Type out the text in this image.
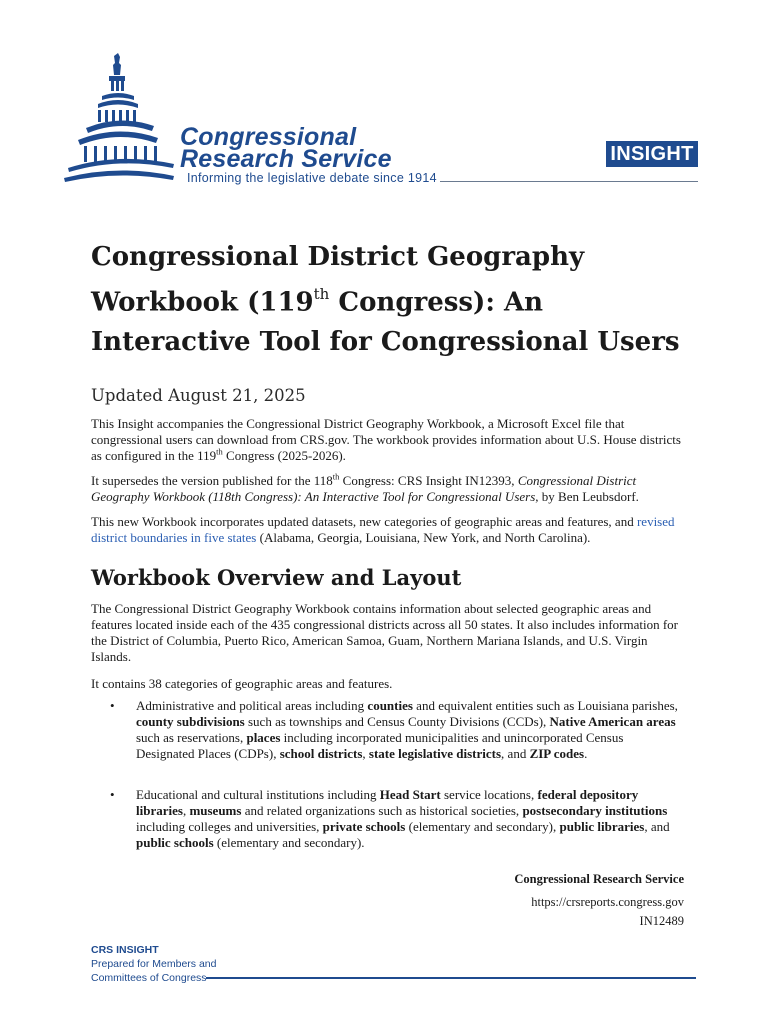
Congressional
Research Service
Informing the legislative debate since 1914
INSIGHT
Congressional District Geography Workbook (119th Congress): An Interactive Tool for Congressional Users
Updated August 21, 2025

This Insight accompanies the Congressional District Geography Workbook, a Microsoft Excel file that congressional users can download from CRS.gov. The workbook provides information about U.S. House districts as configured in the 119th Congress (2025-2026).

It supersedes the version published for the 118th Congress: CRS Insight IN12393, Congressional District Geography Workbook (118th Congress): An Interactive Tool for Congressional Users, by Ben Leubsdorf.

This new Workbook incorporates updated datasets, new categories of geographic areas and features, and revised district boundaries in five states (Alabama, Georgia, Louisiana, New York, and North Carolina).

Workbook Overview and Layout

The Congressional District Geography Workbook contains information about selected geographic areas and features located inside each of the 435 congressional districts across all 50 states. It also includes information for the District of Columbia, Puerto Rico, American Samoa, Guam, Northern Mariana Islands, and U.S. Virgin Islands.

It contains 38 categories of geographic areas and features.

• Administrative and political areas including counties and equivalent entities such as Louisiana parishes, county subdivisions such as townships and Census County Divisions (CCDs), Native American areas such as reservations, places including incorporated municipalities and unincorporated Census Designated Places (CDPs), school districts, state legislative districts, and ZIP codes.
• Educational and cultural institutions including Head Start service locations, federal depository libraries, museums and related organizations such as historical societies, postsecondary institutions including colleges and universities, private schools (elementary and secondary), public libraries, and public schools (elementary and secondary).
Congressional Research Service
https://crsreports.congress.gov
IN12489
CRS INSIGHT
Prepared for Members and
Committees of Congress
